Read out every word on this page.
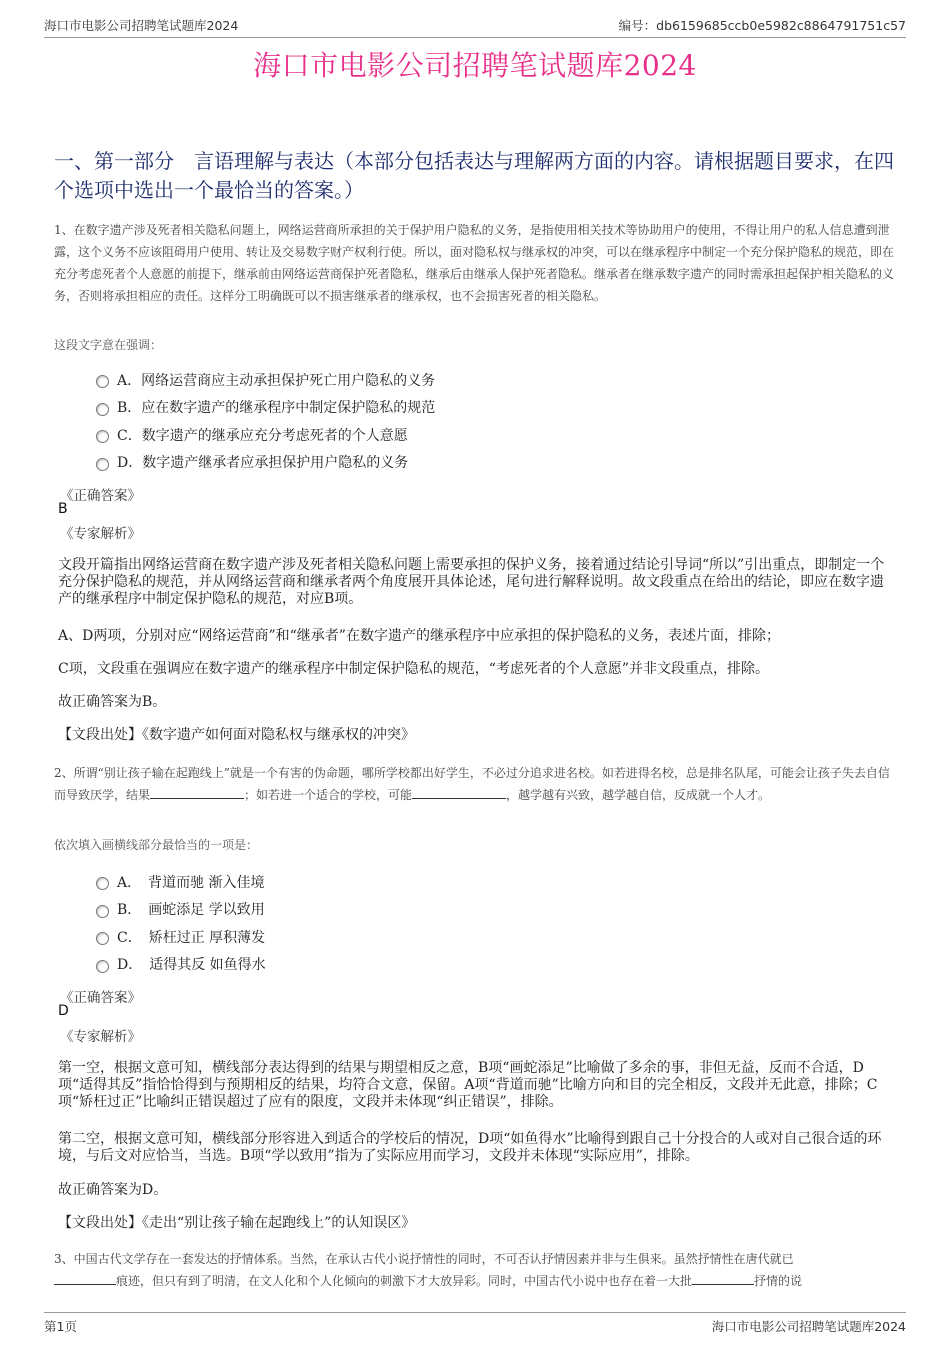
海口市电影公司招聘笔试题库2024	编号：db6159685ccb0e5982c8864791751c57
海口市电影公司招聘笔试题库2024
一、第一部分　言语理解与表达（本部分包括表达与理解两方面的内容。请根据题目要求，在四个选项中选出一个最恰当的答案。）
1、在数字遗产涉及死者相关隐私问题上，网络运营商所承担的关于保护用户隐私的义务，是指使用相关技术等协助用户的使用，不得让用户的私人信息遭到泄露，这个义务不应该阻碍用户使用、转让及交易数字财产权利行使。所以，面对隐私权与继承权的冲突，可以在继承程序中制定一个充分保护隐私的规范，即在充分考虑死者个人意愿的前提下，继承前由网络运营商保护死者隐私，继承后由继承人保护死者隐私。继承者在继承数字遗产的同时需承担起保护相关隐私的义务，否则将承担相应的责任。这样分工明确既可以不损害继承者的继承权，也不会损害死者的相关隐私。
这段文字意在强调：
A．网络运营商应主动承担保护死亡用户隐私的义务
B．应在数字遗产的继承程序中制定保护隐私的规范
C．数字遗产的继承应充分考虑死者的个人意愿
D．数字遗产继承者应承担保护用户隐私的义务
《正确答案》
B
《专家解析》
文段开篇指出网络运营商在数字遗产涉及死者相关隐私问题上需要承担的保护义务，接着通过结论引导词“所以”引出重点，即制定一个充分保护隐私的规范，并从网络运营商和继承者两个角度展开具体论述，尾句进行解释说明。故文段重点在给出的结论，即应在数字遗产的继承程序中制定保护隐私的规范，对应B项。
A、D两项，分别对应“网络运营商”和“继承者”在数字遗产的继承程序中应承担的保护隐私的义务，表述片面，排除；
C项，文段重在强调应在数字遗产的继承程序中制定保护隐私的规范，“考虑死者的个人意愿”并非文段重点，排除。
故正确答案为B。
【文段出处】《数字遗产如何面对隐私权与继承权的冲突》
2、所谓“别让孩子输在起跑线上”就是一个有害的伪命题，哪所学校都出好学生，不必过分追求进名校。如若进得名校，总是排名队尾，可能会让孩子失去自信而导致厌学，结果	；如若进一个适合的学校，可能	，越学越有兴致，越学越自信，反成就一个人才。
依次填入画横线部分最恰当的一项是：
A．　背道而驰 渐入佳境
B．　画蛇添足 学以致用
C．　矫枉过正 厚积薄发
D．　适得其反 如鱼得水
《正确答案》
D
《专家解析》
第一空，根据文意可知，横线部分表达得到的结果与期望相反之意，B项“画蛇添足”比喻做了多余的事，非但无益，反而不合适，D项“适得其反”指恰恰得到与预期相反的结果，均符合文意，保留。A项“背道而驰”比喻方向和目的完全相反，文段并无此意，排除；C项“矫枉过正”比喻纠正错误超过了应有的限度，文段并未体现“纠正错误”，排除。
第二空，根据文意可知，横线部分形容进入到适合的学校后的情况，D项“如鱼得水”比喻得到跟自己十分投合的人或对自己很合适的环境，与后文对应恰当，当选。B项“学以致用”指为了实际应用而学习，文段并未体现“实际应用”，排除。
故正确答案为D。
【文段出处】《走出“别让孩子输在起跑线上”的认知误区》
3、中国古代文学存在一套发达的抒情体系。当然，在承认古代小说抒情性的同时，不可否认抒情因素并非与生俱来。虽然抒情性在唐代就已
痕迹，但只有到了明清，在文人化和个人化倾向的刺激下才大放异彩。同时，中国古代小说中也存在着一大批	抒情的说
第1页	海口市电影公司招聘笔试题库2024
